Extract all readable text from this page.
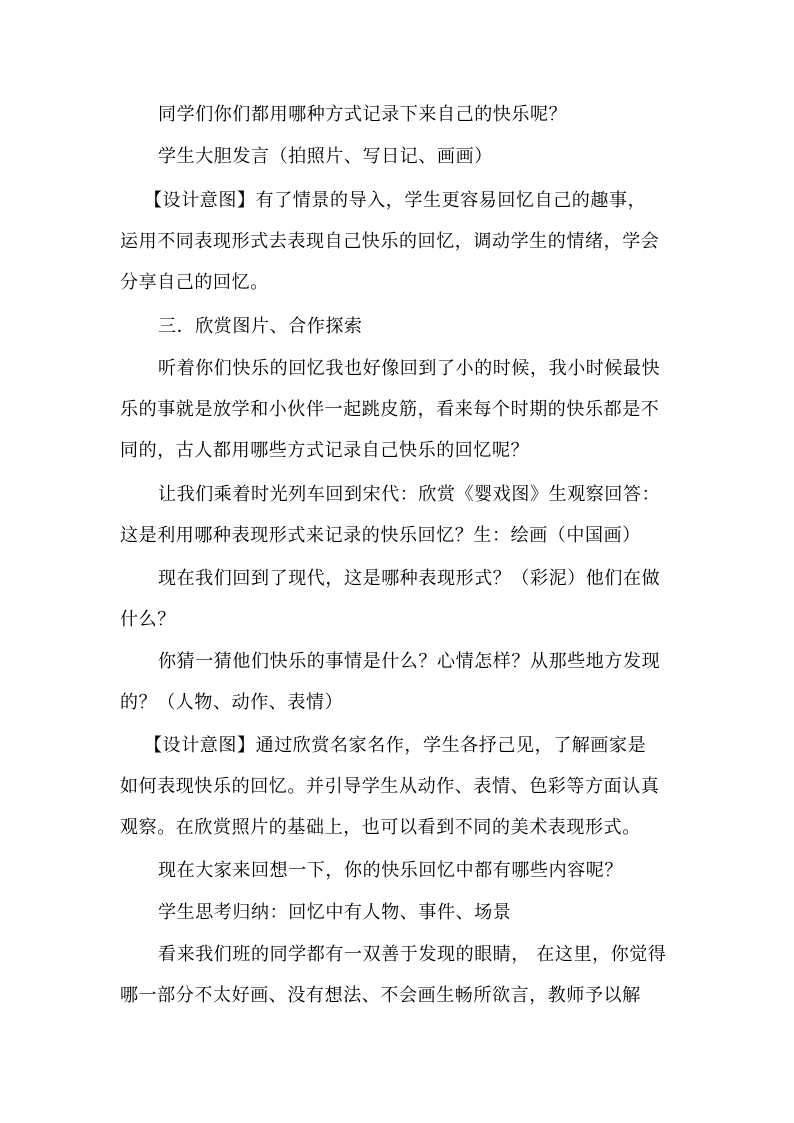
同学们你们都用哪种方式记录下来自己的快乐呢？

学生大胆发言（拍照片、写日记、画画）

【设计意图】有了情景的导入，学生更容易回忆自己的趣事，

运用不同表现形式去表现自己快乐的回忆，调动学生的情绪，学会
分享自己的回忆。

三．欣赏图片、合作探索

听着你们快乐的回忆我也好像回到了小的时候，我小时候最快

乐的事就是放学和小伙伴一起跳皮筋，看来每个时期的快乐都是不
同的，古人都用哪些方式记录自己快乐的回忆呢？

让我们乘着时光列车回到宋代：欣赏《婴戏图》生观察回答：

这是利用哪种表现形式来记录的快乐回忆？生：绘画（中国画）

现在我们回到了现代，这是哪种表现形式？（彩泥）他们在做

什么？

你猜一猜他们快乐的事情是什么？心情怎样？从那些地方发现

的？（人物、动作、表情）

【设计意图】通过欣赏名家名作，学生各抒己见，了解画家是

如何表现快乐的回忆。并引导学生从动作、表情、色彩等方面认真
观察。在欣赏照片的基础上，也可以看到不同的美术表现形式。

现在大家来回想一下，你的快乐回忆中都有哪些内容呢？

学生思考归纳：回忆中有人物、事件、场景

看来我们班的同学都有一双善于发现的眼睛， 在这里，你觉得

哪一部分不太好画、没有想法、不会画生畅所欲言，教师予以解
